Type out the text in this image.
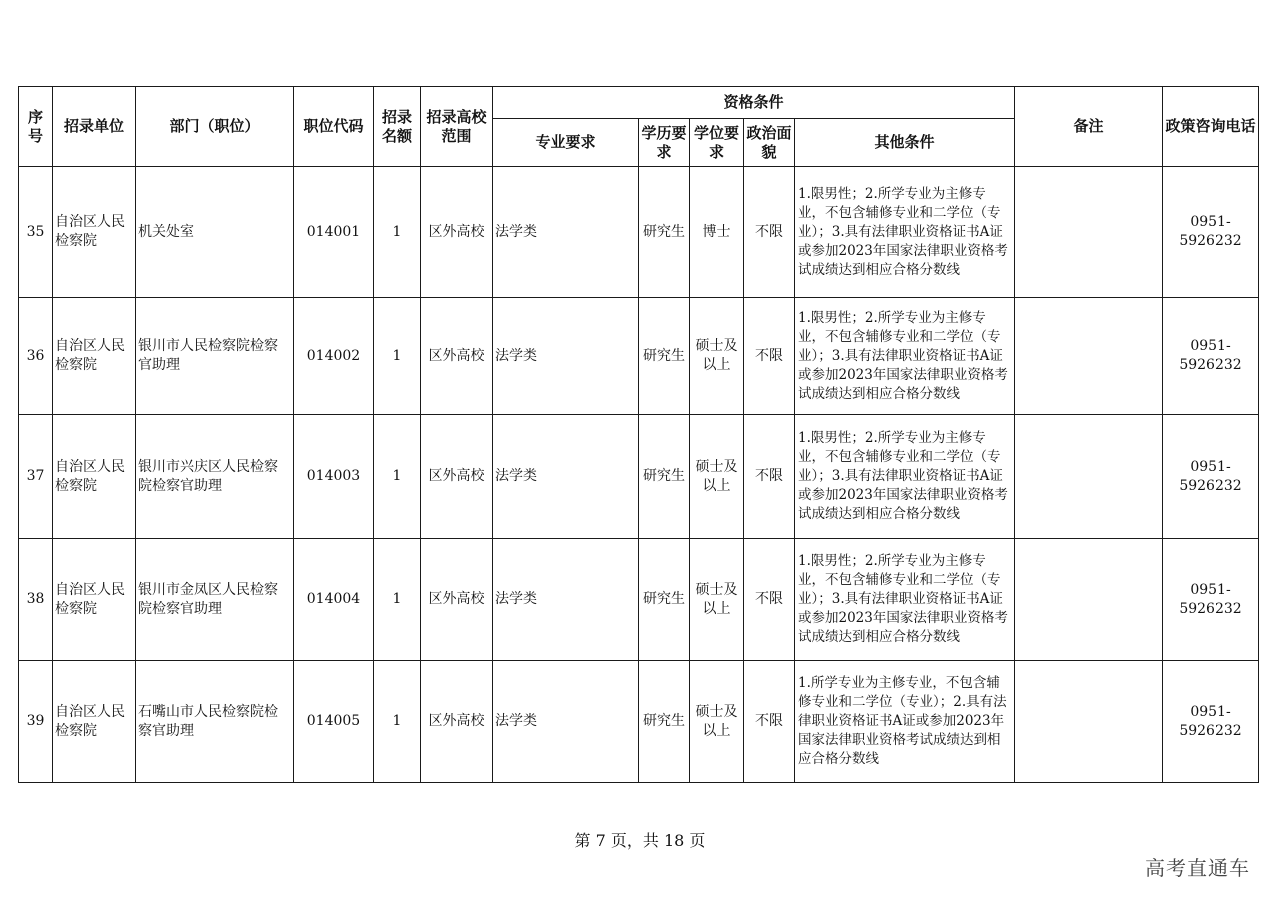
序号	招录单位	部门（职位）	职位代码	招录名额	招录高校范围	资格条件					备注	政策咨询电话
						专业要求	学历要求	学位要求	政治面貌	其他条件		
35	自治区人民检察院	机关处室	014001	1	区外高校	法学类	研究生	博士	不限	1.限男性；2.所学专业为主修专业，不包含辅修专业和二学位（专业）；3.具有法律职业资格证书A证或参加2023年国家法律职业资格考试成绩达到相应合格分数线		0951-5926232
36	自治区人民检察院	银川市人民检察院检察官助理	014002	1	区外高校	法学类	研究生	硕士及以上	不限	1.限男性；2.所学专业为主修专业，不包含辅修专业和二学位（专业）；3.具有法律职业资格证书A证或参加2023年国家法律职业资格考试成绩达到相应合格分数线		0951-5926232
37	自治区人民检察院	银川市兴庆区人民检察院检察官助理	014003	1	区外高校	法学类	研究生	硕士及以上	不限	1.限男性；2.所学专业为主修专业，不包含辅修专业和二学位（专业）；3.具有法律职业资格证书A证或参加2023年国家法律职业资格考试成绩达到相应合格分数线		0951-5926232
38	自治区人民检察院	银川市金凤区人民检察院检察官助理	014004	1	区外高校	法学类	研究生	硕士及以上	不限	1.限男性；2.所学专业为主修专业，不包含辅修专业和二学位（专业）；3.具有法律职业资格证书A证或参加2023年国家法律职业资格考试成绩达到相应合格分数线		0951-5926232
39	自治区人民检察院	石嘴山市人民检察院检察官助理	014005	1	区外高校	法学类	研究生	硕士及以上	不限	1.所学专业为主修专业，不包含辅修专业和二学位（专业）；2.具有法律职业资格证书A证或参加2023年国家法律职业资格考试成绩达到相应合格分数线		0951-5926232
第 7 页，共 18 页
高考直通车
